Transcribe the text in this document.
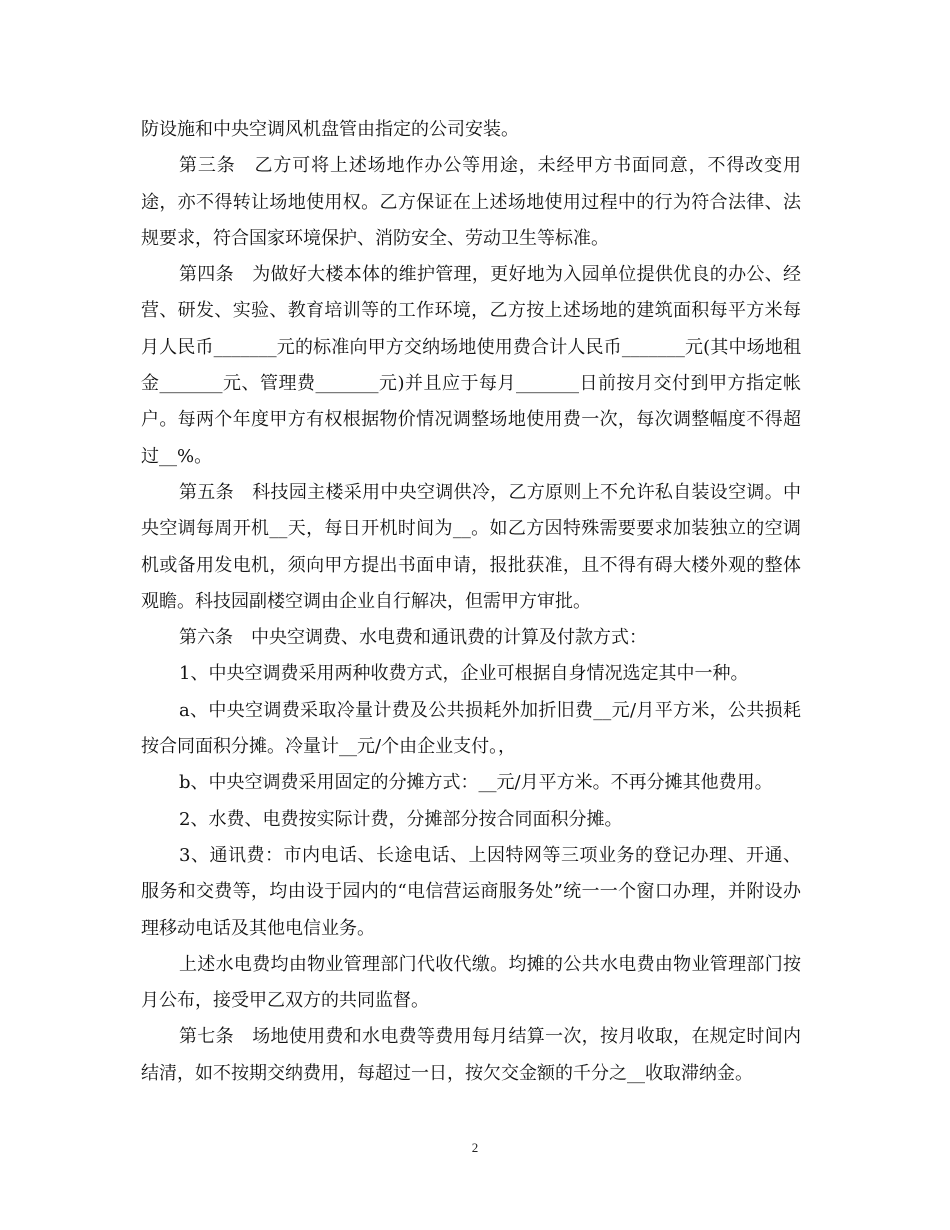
防设施和中央空调风机盘管由指定的公司安装。

第三条　乙方可将上述场地作办公等用途，未经甲方书面同意，不得改变用途，亦不得转让场地使用权。乙方保证在上述场地使用过程中的行为符合法律、法规要求，符合国家环境保护、消防安全、劳动卫生等标准。

第四条　为做好大楼本体的维护管理，更好地为入园单位提供优良的办公、经营、研发、实验、教育培训等的工作环境，乙方按上述场地的建筑面积每平方米每月人民币_______元的标准向甲方交纳场地使用费合计人民币_______元(其中场地租金_______元、管理费_______元)并且应于每月_______日前按月交付到甲方指定帐户。每两个年度甲方有权根据物价情况调整场地使用费一次，每次调整幅度不得超过__%。

第五条　科技园主楼采用中央空调供冷，乙方原则上不允许私自装设空调。中央空调每周开机__天，每日开机时间为__。如乙方因特殊需要要求加装独立的空调机或备用发电机，须向甲方提出书面申请，报批获准，且不得有碍大楼外观的整体观瞻。科技园副楼空调由企业自行解决，但需甲方审批。

第六条　中央空调费、水电费和通讯费的计算及付款方式：

1、中央空调费采用两种收费方式，企业可根据自身情况选定其中一种。

a、中央空调费采取冷量计费及公共损耗外加折旧费__元/月平方米，公共损耗按合同面积分摊。冷量计__元/个由企业支付。，

b、中央空调费采用固定的分摊方式：__元/月平方米。不再分摊其他费用。

2、水费、电费按实际计费，分摊部分按合同面积分摊。

3、通讯费：市内电话、长途电话、上因特网等三项业务的登记办理、开通、服务和交费等，均由设于园内的“电信营运商服务处”统一一个窗口办理，并附设办理移动电话及其他电信业务。

上述水电费均由物业管理部门代收代缴。均摊的公共水电费由物业管理部门按月公布，接受甲乙双方的共同监督。

第七条　场地使用费和水电费等费用每月结算一次，按月收取，在规定时间内结清，如不按期交纳费用，每超过一日，按欠交金额的千分之__收取滞纳金。

2
